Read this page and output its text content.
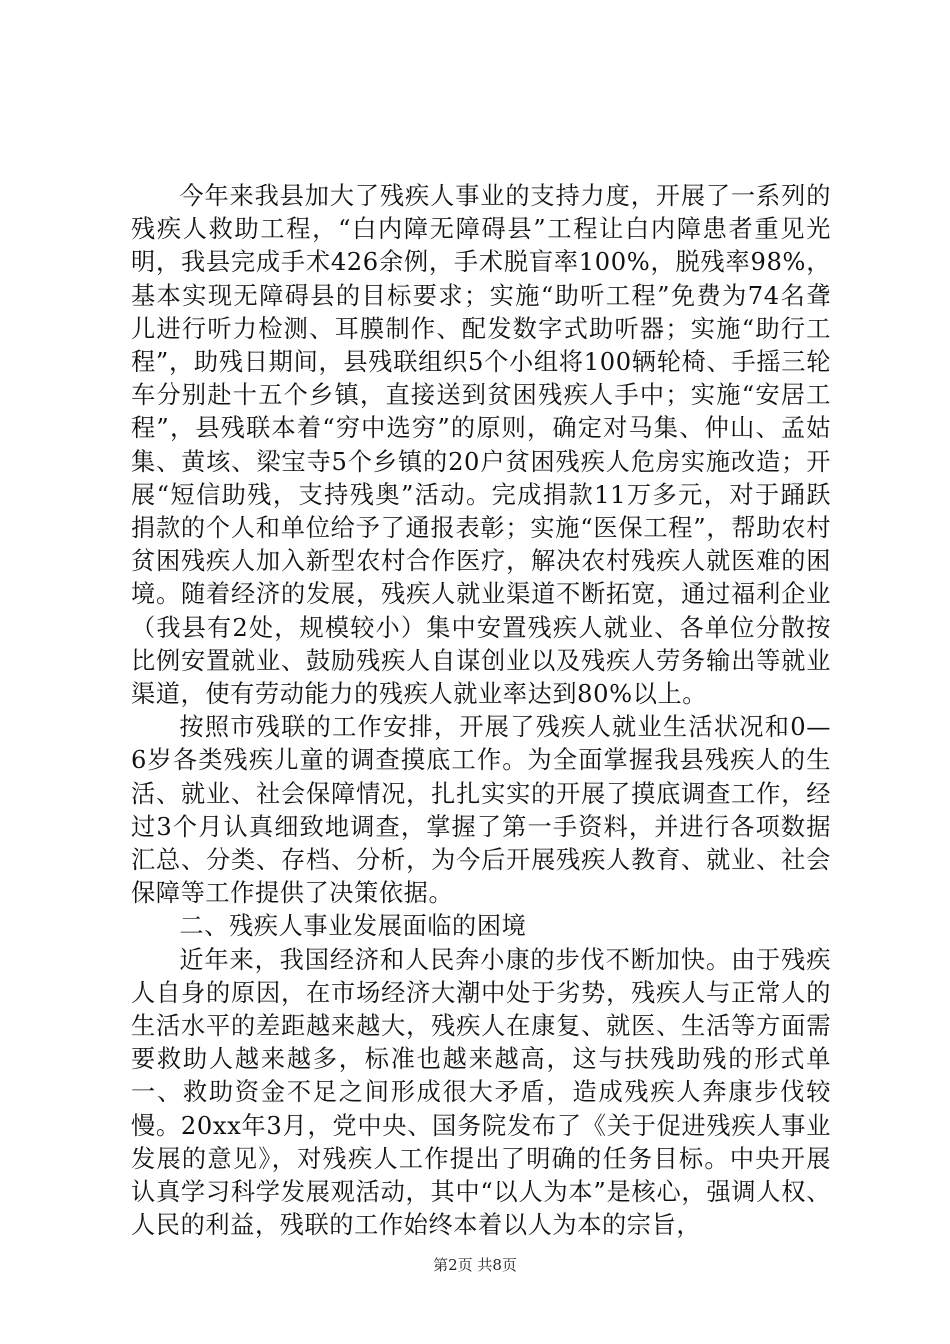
今年来我县加大了残疾人事业的支持力度，开展了一系列的残疾人救助工程，“白内障无障碍县”工程让白内障患者重见光明，我县完成手术426余例，手术脱盲率100%，脱残率98%，基本实现无障碍县的目标要求；实施“助听工程”免费为74名聋儿进行听力检测、耳膜制作、配发数字式助听器；实施“助行工程”，助残日期间，县残联组织5个小组将100辆轮椅、手摇三轮车分别赴十五个乡镇，直接送到贫困残疾人手中；实施“安居工程”，县残联本着“穷中选穷”的原则，确定对马集、仲山、孟姑集、黄垓、梁宝寺5个乡镇的20户贫困残疾人危房实施改造；开展“短信助残，支持残奥”活动。完成捐款11万多元，对于踊跃捐款的个人和单位给予了通报表彰；实施“医保工程”，帮助农村贫困残疾人加入新型农村合作医疗，解决农村残疾人就医难的困境。随着经济的发展，残疾人就业渠道不断拓宽，通过福利企业（我县有2处，规模较小）集中安置残疾人就业、各单位分散按比例安置就业、鼓励残疾人自谋创业以及残疾人劳务输出等就业渠道，使有劳动能力的残疾人就业率达到80%以上。

按照市残联的工作安排，开展了残疾人就业生活状况和0—6岁各类残疾儿童的调查摸底工作。为全面掌握我县残疾人的生活、就业、社会保障情况，扎扎实实的开展了摸底调查工作，经过3个月认真细致地调查，掌握了第一手资料，并进行各项数据汇总、分类、存档、分析，为今后开展残疾人教育、就业、社会保障等工作提供了决策依据。

二、残疾人事业发展面临的困境

近年来，我国经济和人民奔小康的步伐不断加快。由于残疾人自身的原因，在市场经济大潮中处于劣势，残疾人与正常人的生活水平的差距越来越大，残疾人在康复、就医、生活等方面需要救助人越来越多，标准也越来越高，这与扶残助残的形式单一、救助资金不足之间形成很大矛盾，造成残疾人奔康步伐较慢。20xx年3月，党中央、国务院发布了《关于促进残疾人事业发展的意见》，对残疾人工作提出了明确的任务目标。中央开展认真学习科学发展观活动，其中“以人为本”是核心，强调人权、人民的利益，残联的工作始终本着以人为本的宗旨，

第2页 共8页
